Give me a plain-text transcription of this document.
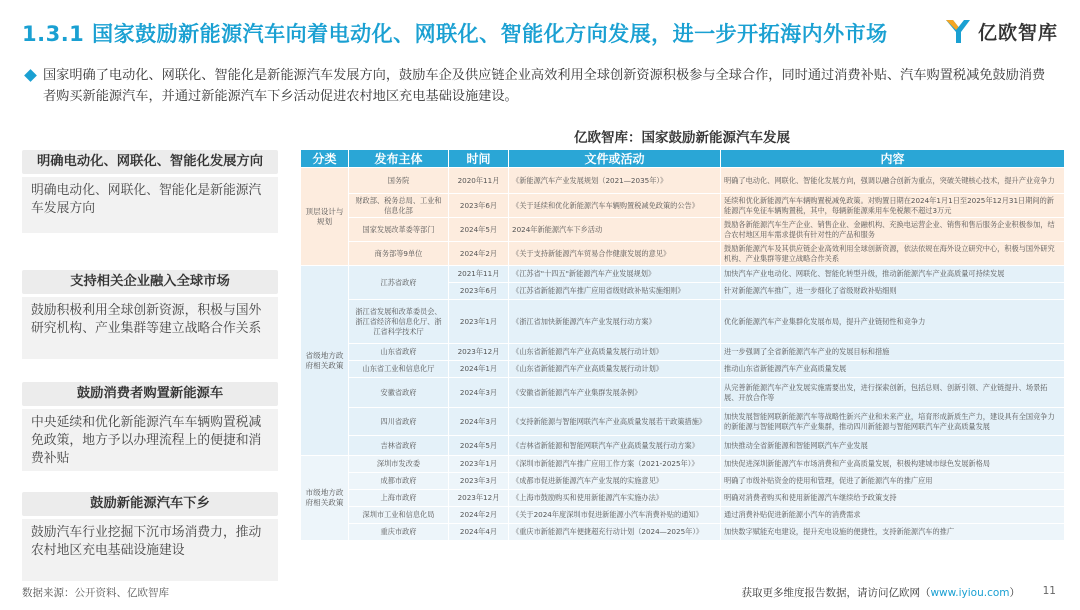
1.3.1 国家鼓励新能源汽车向着电动化、网联化、智能化方向发展，进一步开拓海内外市场	亿欧智库
国家明确了电动化、网联化、智能化是新能源汽车发展方向，鼓励车企及供应链企业高效利用全球创新资源积极参与全球合作，同时通过消费补贴、汽车购置税减免鼓励消费者购买新能源汽车，并通过新能源汽车下乡活动促进农村地区充电基础设施建设。
明确电动化、网联化、智能化发展方向
明确电动化、网联化、智能化是新能源汽车发展方向
支持相关企业融入全球市场
鼓励积极利用全球创新资源，积极与国外研究机构、产业集群等建立战略合作关系
鼓励消费者购置新能源车
中央延续和优化新能源汽车车辆购置税减免政策，地方予以办理流程上的便捷和消费补贴
鼓励新能源汽车下乡
鼓励汽车行业挖掘下沉市场消费力，推动农村地区充电基础设施建设
亿欧智库：国家鼓励新能源汽车发展
分类	发布主体	时间	文件或活动	内容
顶层设计与规划	国务院	2020年11月	《新能源汽车产业发展规划（2021—2035年）》	明确了电动化、网联化、智能化发展方向，强调以融合创新为重点，突破关键核心技术，提升产业竞争力
	财政部、税务总局、工业和信息化部	2023年6月	《关于延续和优化新能源汽车车辆购置税减免政策的公告》	延续和优化新能源汽车车辆购置税减免政策。对购置日期在2024年1月1日至2025年12月31日期间的新能源汽车免征车辆购置税，其中，每辆新能源乘用车免税额不超过3万元
	国家发展改革委等部门	2024年5月	2024年新能源汽车下乡活动	鼓励各新能源汽车生产企业、销售企业、金融机构、充换电运营企业、销售和售后服务企业积极参加，结合农村地区用车需求提供有针对性的产品和服务
	商务部等9单位	2024年2月	《关于支持新能源汽车贸易合作健康发展的意见》	鼓励新能源汽车及其供应链企业高效利用全球创新资源，依法依规在海外设立研究中心，积极与国外研究机构、产业集群等建立战略合作关系
省级地方政府相关政策	江苏省政府	2021年11月	《江苏省"十四五"新能源汽车产业发展规划》	加快汽车产业电动化、网联化、智能化转型升级，推动新能源汽车产业高质量可持续发展
		2023年6月	《江苏省新能源汽车推广应用省级财政补贴实施细则》	针对新能源汽车推广，进一步细化了省级财政补贴细则
	浙江省发展和改革委员会、浙江省经济和信息化厅、浙江省科学技术厅	2023年1月	《浙江省加快新能源汽车产业发展行动方案》	优化新能源汽车产业集群化发展布局，提升产业链韧性和竞争力
	山东省政府	2023年12月	《山东省新能源汽车产业高质量发展行动计划》	进一步强调了全省新能源汽车产业的发展目标和措施
	山东省工业和信息化厅	2024年1月	《山东省新能源汽车产业高质量发展行动计划》	推动山东省新能源汽车产业高质量发展
	安徽省政府	2024年3月	《安徽省新能源汽车产业集群发展条例》	从完善新能源汽车产业发展实施需要出发，进行探索创新，包括总则、创新引领、产业链提升、场景拓展、开放合作等
	四川省政府	2024年3月	《支持新能源与智能网联汽车产业高质量发展若干政策措施》	加快发展智能网联新能源汽车等战略性新兴产业和未来产业，培育形成新质生产力，建设具有全国竞争力的新能源与智能网联汽车产业集群，推动四川新能源与智能网联汽车产业高质量发展
	吉林省政府	2024年5月	《吉林省新能源和智能网联汽车产业高质量发展行动方案》	加快推动全省新能源和智能网联汽车产业发展
市级地方政府相关政策	深圳市发改委	2023年1月	《深圳市新能源汽车推广应用工作方案（2021-2025年）》	加快促进深圳新能源汽车市场消费和产业高质量发展，积极构建城市绿色发展新格局
	成都市政府	2023年3月	《成都市促进新能源汽车产业发展的实施意见》	明确了市级补贴资金的使用和管理，促进了新能源汽车的推广应用
	上海市政府	2023年12月	《上海市鼓励购买和使用新能源汽车实施办法》	明确对消费者购买和使用新能源汽车继续给予政策支持
	深圳市工业和信息化局	2024年2月	《关于2024年度深圳市促进新能源小汽车消费补贴的通知》	通过消费补贴促进新能源小汽车的消费需求
	重庆市政府	2024年4月	《重庆市新能源汽车便捷超充行动计划（2024—2025年）》	加快数字赋能充电建设，提升充电设施的便捷性，支持新能源汽车的推广
数据来源：公开资料、亿欧智库	获取更多维度报告数据，请访问亿欧网（www.iyiou.com） 11
